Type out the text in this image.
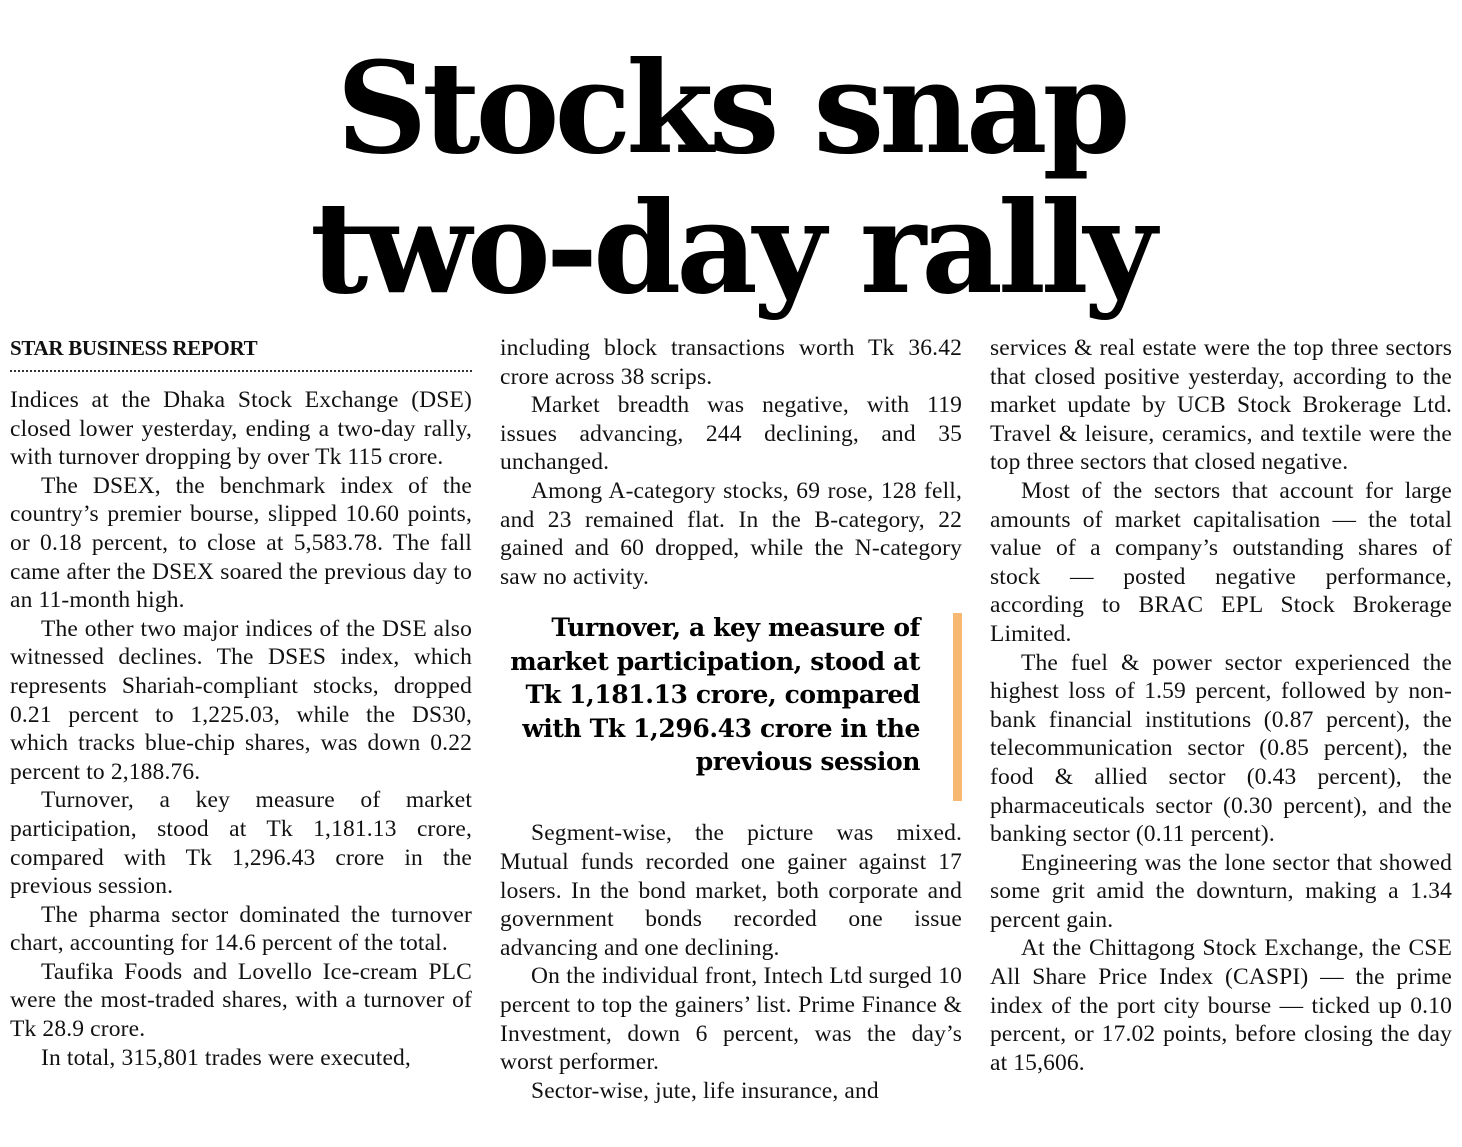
Stocks snap
two-day rally
STAR BUSINESS REPORT

Indices at the Dhaka Stock Exchange (DSE) closed lower yesterday, ending a two-day rally, with turnover dropping by over Tk 115 crore.

The DSEX, the benchmark index of the country’s premier bourse, slipped 10.60 points, or 0.18 percent, to close at 5,583.78. The fall came after the DSEX soared the previous day to an 11-month high.

The other two major indices of the DSE also witnessed declines. The DSES index, which represents Shariah-compliant stocks, dropped 0.21 percent to 1,225.03, while the DS30, which tracks blue-chip shares, was down 0.22 percent to 2,188.76.

Turnover, a key measure of market participation, stood at Tk 1,181.13 crore, compared with Tk 1,296.43 crore in the previous session.

The pharma sector dominated the turnover chart, accounting for 14.6 percent of the total.

Taufika Foods and Lovello Ice-cream PLC were the most-traded shares, with a turnover of Tk 28.9 crore.

In total, 315,801 trades were executed,

including block transactions worth Tk 36.42 crore across 38 scrips.

Market breadth was negative, with 119 issues advancing, 244 declining, and 35 unchanged.

Among A-category stocks, 69 rose, 128 fell, and 23 remained flat. In the B-category, 22 gained and 60 dropped, while the N-category saw no activity.

Turnover, a key measure of market participation, stood at Tk 1,181.13 crore, compared with Tk 1,296.43 crore in the previous session

Segment-wise, the picture was mixed. Mutual funds recorded one gainer against 17 losers. In the bond market, both corporate and government bonds recorded one issue advancing and one declining.

On the individual front, Intech Ltd surged 10 percent to top the gainers’ list. Prime Finance & Investment, down 6 percent, was the day’s worst performer.

Sector-wise, jute, life insurance, and

services & real estate were the top three sectors that closed positive yesterday, according to the market update by UCB Stock Brokerage Ltd. Travel & leisure, ceramics, and textile were the top three sectors that closed negative.

Most of the sectors that account for large amounts of market capitalisation — the total value of a company’s outstanding shares of stock — posted negative performance, according to BRAC EPL Stock Brokerage Limited.

The fuel & power sector experienced the highest loss of 1.59 percent, followed by non-bank financial institutions (0.87 percent), the telecommunication sector (0.85 percent), the food & allied sector (0.43 percent), the pharmaceuticals sector (0.30 percent), and the banking sector (0.11 percent).

Engineering was the lone sector that showed some grit amid the downturn, making a 1.34 percent gain.

At the Chittagong Stock Exchange, the CSE All Share Price Index (CASPI) — the prime index of the port city bourse — ticked up 0.10 percent, or 17.02 points, before closing the day at 15,606.
